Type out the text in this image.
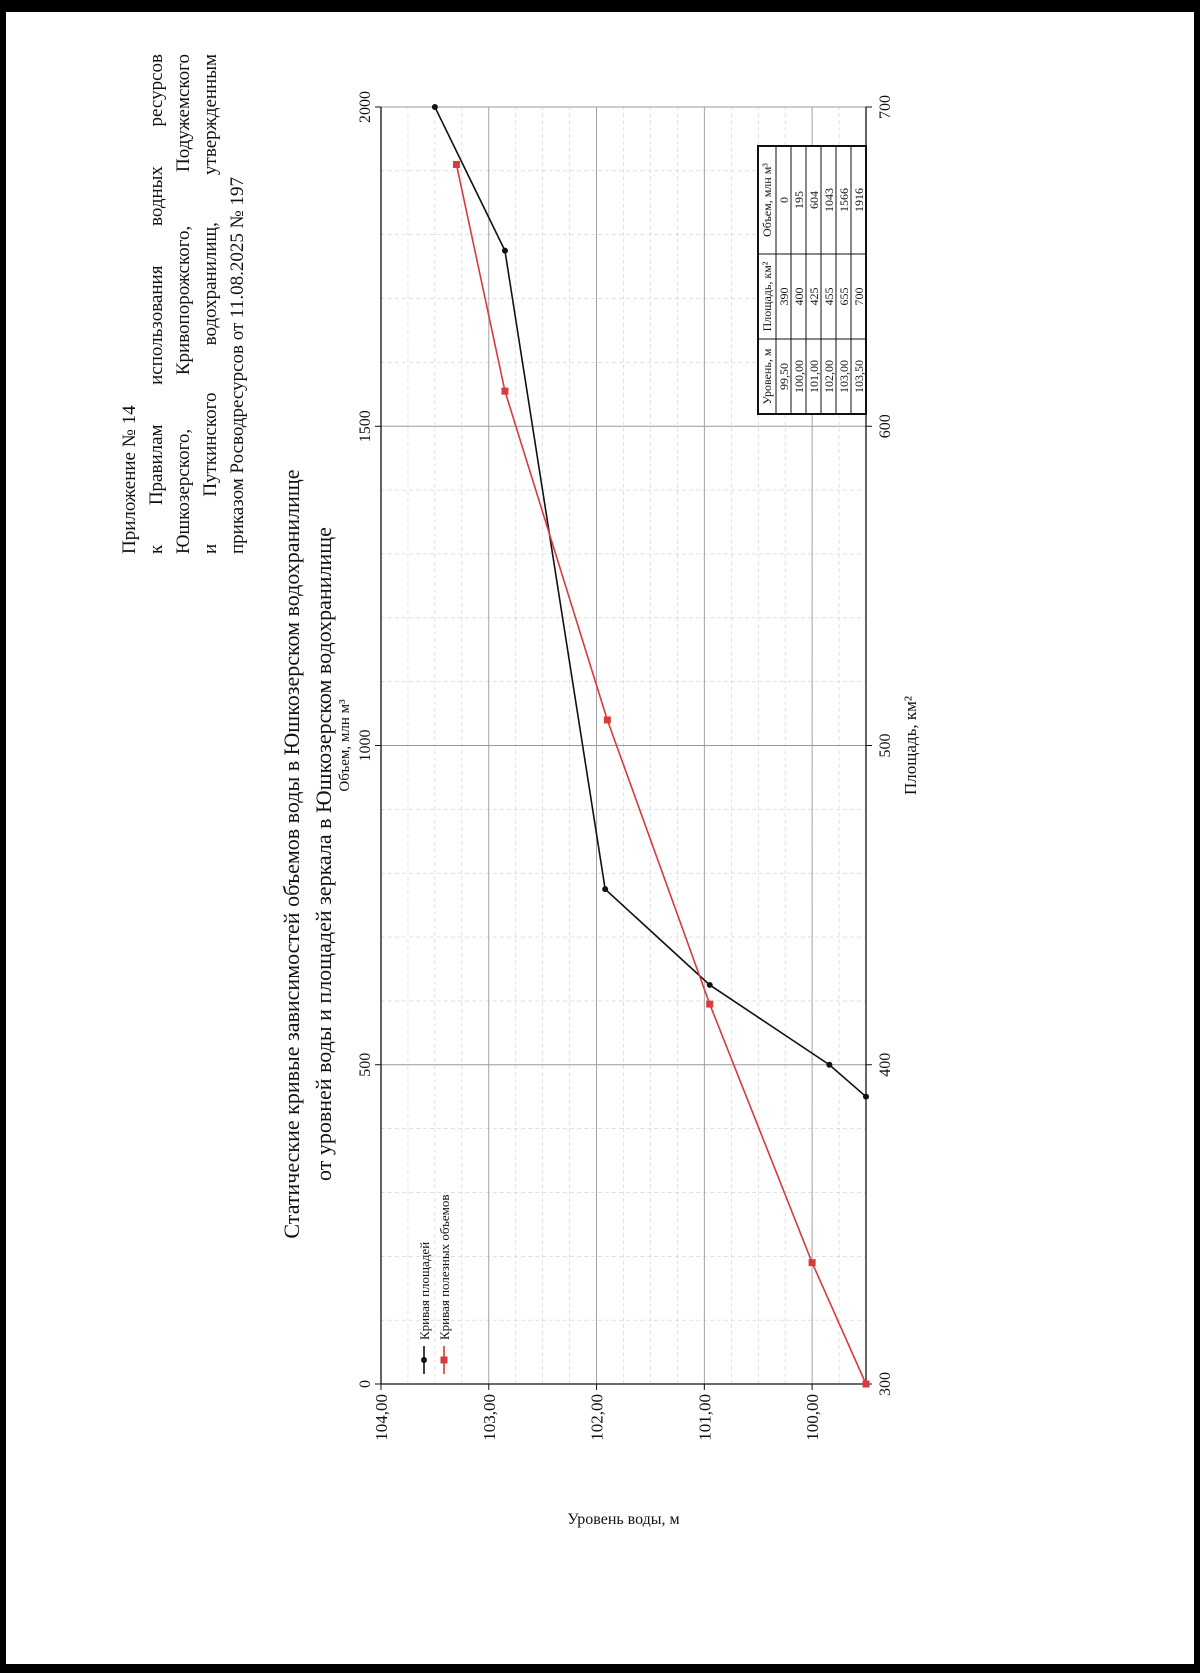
Приложение № 14 к Правилам использования водных ресурсов Юшкозерского, Кривопорожского, Подужемского и Путкинского водохранилищ, утвержденным приказом Росводресурсов от 11.08.2025 № 197
Статические кривые зависимостей объемов воды в Юшкозерском водохранилище от уровней воды и площадей зеркала в Юшкозерском водохранилище
100,00
101,00
102,00
103,00
104,00
0
500
1000
1500
2000
300
400
500
600
700
Объем, млн м³	Площадь, км²
Уровень воды, м
Кривая площадей Кривая полезных объемов
Уровень, м
Площадь, км²
Объем, млн м³
99,50
390
0
100,00
400
195
101,00
425
604
102,00
455
1043
103,00
655
1566
103,50
700
1916
